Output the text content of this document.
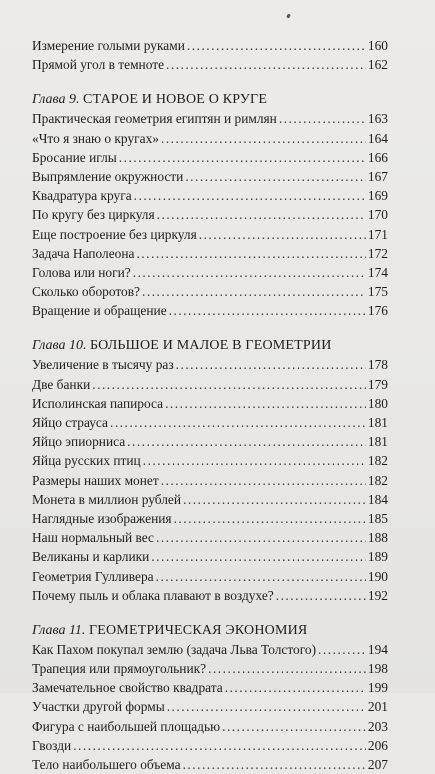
Измерение голыми руками .....	160
Прямой угол в темноте .....	162
Глава 9. СТАРОЕ И НОВОЕ О КРУГЕ
Практическая геометрия египтян и римлян .....	163
«Что я знаю о кругах» .....	164
Бросание иглы .....	166
Выпрямление окружности .....	167
Квадратура круга .....	169
По кругу без циркуля .....	170
Еще построение без циркуля .....	171
Задача Наполеона .....	172
Голова или ноги? .....	174
Сколько оборотов? .....	175
Вращение и обращение .....	176
Глава 10. БОЛЬШОЕ И МАЛОЕ В ГЕОМЕТРИИ
Увеличение в тысячу раз .....	178
Две банки .....	179
Исполинская папироса .....	180
Яйцо страуса .....	181
Яйцо эпиорниса .....	181
Яйца русских птиц .....	182
Размеры наших монет .....	182
Монета в миллион рублей .....	184
Наглядные изображения .....	185
Наш нормальный вес .....	188
Великаны и карлики .....	189
Геометрия Гулливера .....	190
Почему пыль и облака плавают в воздухе? .....	192
Глава 11. ГЕОМЕТРИЧЕСКАЯ ЭКОНОМИЯ
Как Пахом покупал землю (задача Льва Толстого) .....	194
Трапеция или прямоугольник? .....	198
Замечательное свойство квадрата .....	199
Участки другой формы .....	201
Фигура с наибольшей площадью .....	203
Гвозди .....	206
Тело наибольшего объема .....	207
